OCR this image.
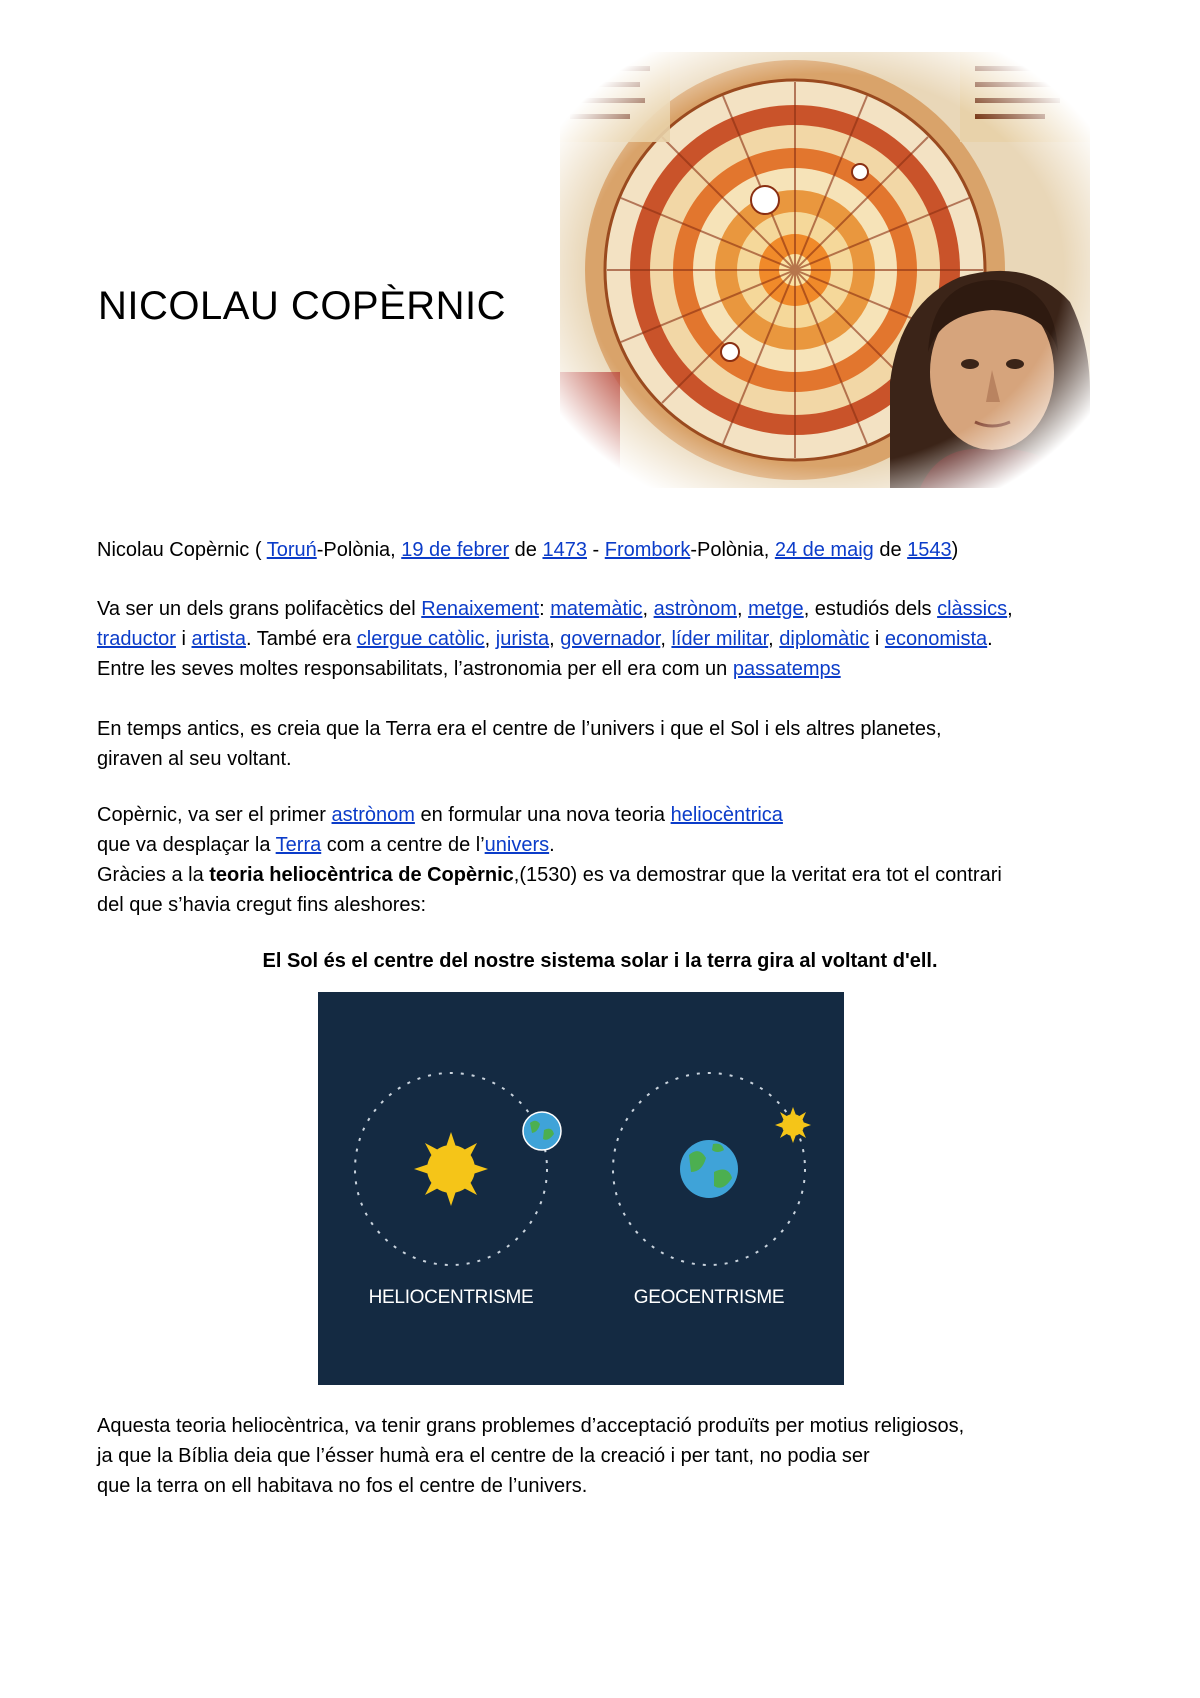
NICOLAU COPÈRNIC

Nicolau Copèrnic ( Toruń-Polònia, 19 de febrer de 1473 - Frombork-Polònia, 24 de maig de 1543)

Va ser un dels grans polifacètics del Renaixement: matemàtic, astrònom, metge, estudiós dels clàssics,
traductor i artista. També era clergue catòlic, jurista, governador, líder militar, diplomàtic i economista.
Entre les seves moltes responsabilitats, l’astronomia per ell era com un passatemps

En temps antics, es creia que la Terra era el centre de l’univers i que el Sol i els altres planetes,
giraven al seu voltant.

Copèrnic, va ser el primer astrònom en formular una nova teoria heliocèntrica
que va desplaçar la Terra com a centre de l’univers.
Gràcies a la teoria heliocèntrica de Copèrnic,(1530) es va demostrar que la veritat era tot el contrari
del que s’havia cregut fins aleshores:

El Sol és el centre del nostre sistema solar i la terra gira al voltant d'ell.

HELIOCENTRISME	GEOCENTRISME

Aquesta teoria heliocèntrica, va tenir grans problemes d’acceptació produïts per motius religiosos,
ja que la Bíblia deia que l’ésser humà era el centre de la creació i per tant, no podia ser
que la terra on ell habitava no fos el centre de l’univers.
